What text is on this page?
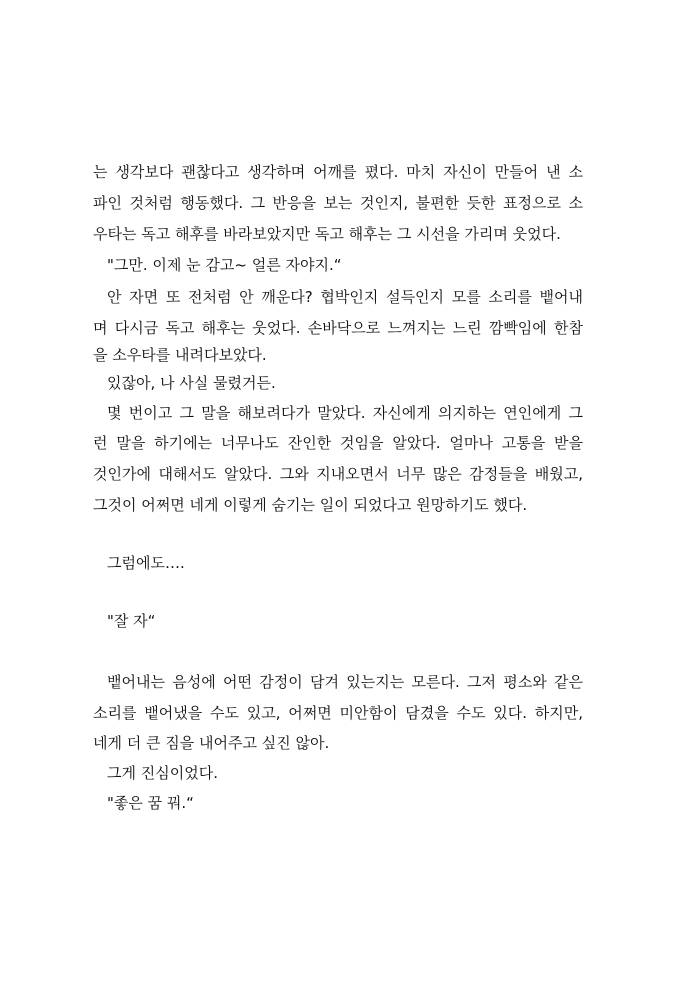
는 생각보다 괜찮다고 생각하며 어깨를 폈다. 마치 자신이 만들어 낸 소
파인 것처럼 행동했다. 그 반응을 보는 것인지, 불편한 듯한 표정으로 소
우타는 독고 해후를 바라보았지만 독고 해후는 그 시선을 가리며 웃었다.
"그만. 이제 눈 감고~ 얼른 자야지.“
안 자면 또 전처럼 안 깨운다? 협박인지 설득인지 모를 소리를 뱉어내
며 다시금 독고 해후는 웃었다. 손바닥으로 느껴지는 느린 깜빡임에 한참
을 소우타를 내려다보았다.
있잖아, 나 사실 물렸거든.
몇 번이고 그 말을 해보려다가 말았다. 자신에게 의지하는 연인에게 그
런 말을 하기에는 너무나도 잔인한 것임을 알았다. 얼마나 고통을 받을
것인가에 대해서도 알았다. 그와 지내오면서 너무 많은 감정들을 배웠고,
그것이 어쩌면 네게 이렇게 숨기는 일이 되었다고 원망하기도 했다.
그럼에도….
"잘 자“
뱉어내는 음성에 어떤 감정이 담겨 있는지는 모른다. 그저 평소와 같은
소리를 뱉어냈을 수도 있고, 어쩌면 미안함이 담겼을 수도 있다. 하지만,
네게 더 큰 짐을 내어주고 싶진 않아.
그게 진심이었다.
"좋은 꿈 꿔.“
